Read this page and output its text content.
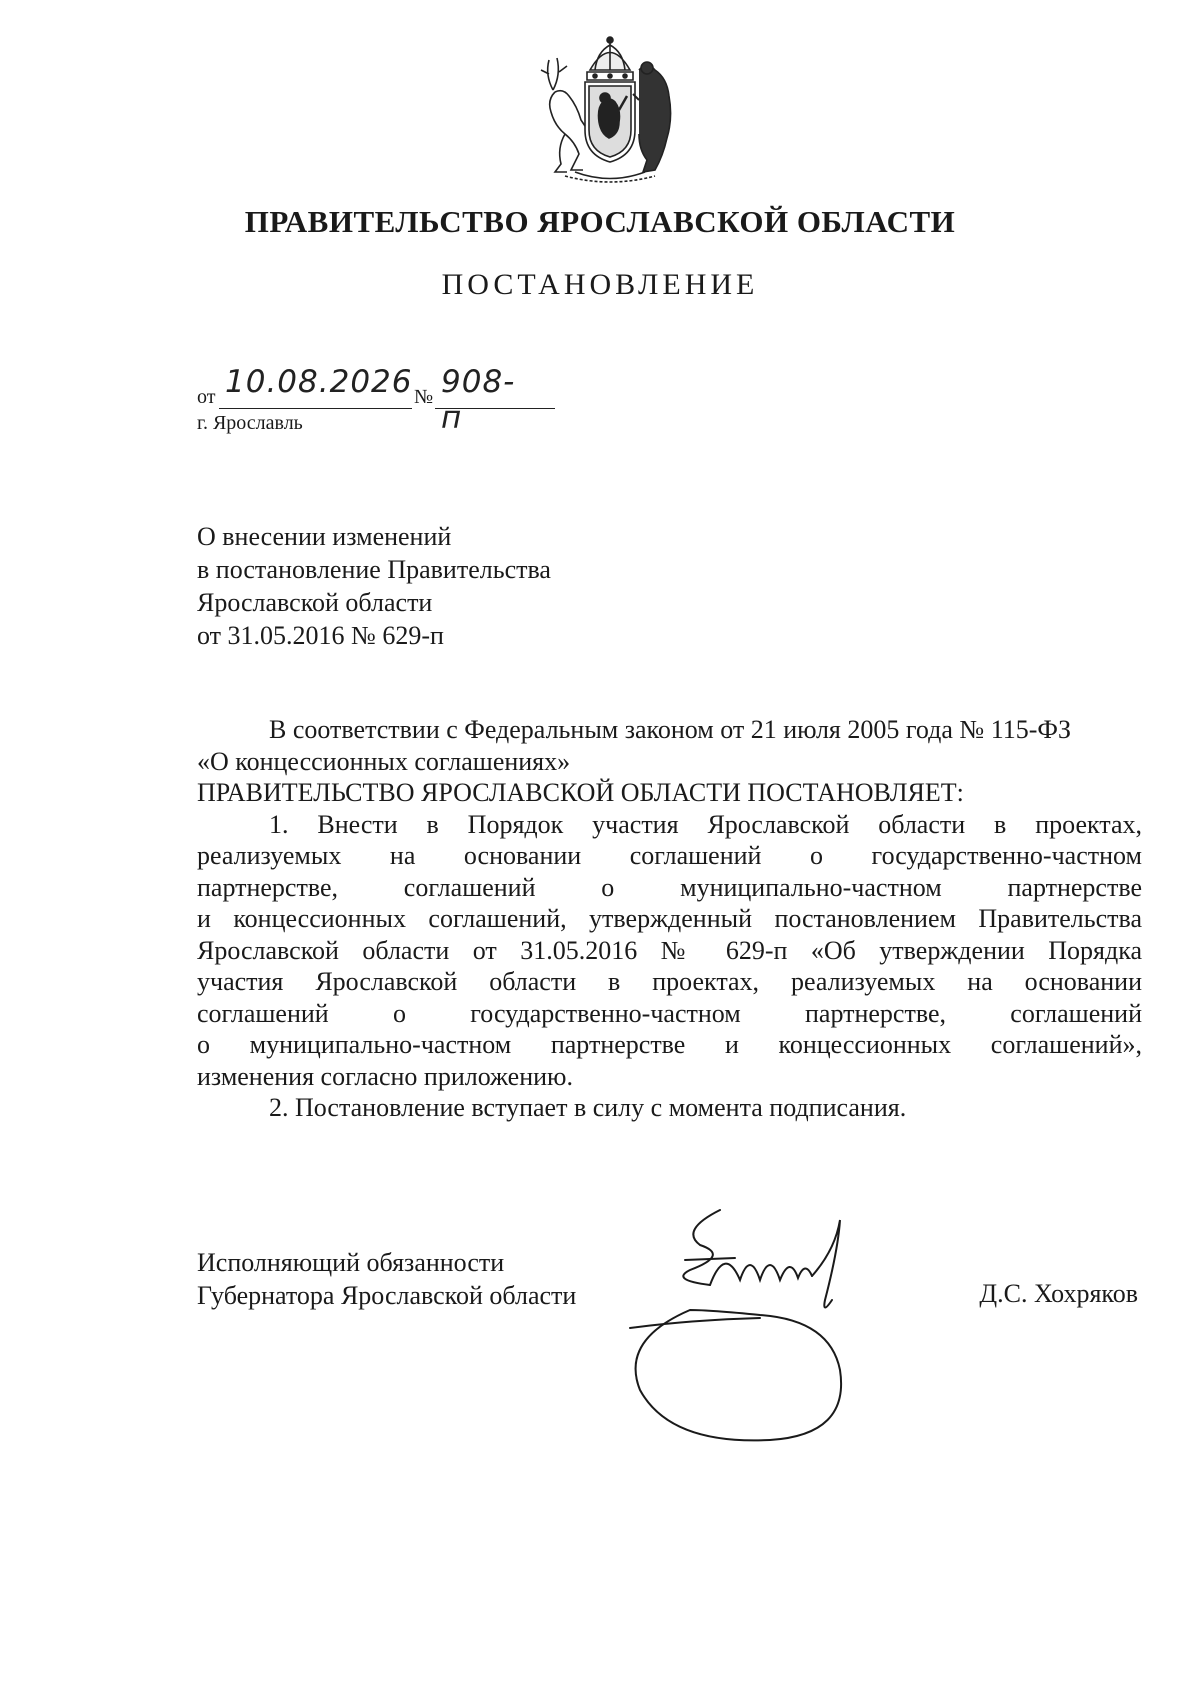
ПРАВИТЕЛЬСТВО ЯРОСЛАВСКОЙ ОБЛАСТИ
ПОСТАНОВЛЕНИЕ
от 10.08.2026 № 908-п
г. Ярославль
О внесении изменений
в постановление Правительства
Ярославской области
от 31.05.2016 № 629-п
В соответствии с Федеральным законом от 21 июля 2005 года № 115-ФЗ
«О концессионных соглашениях»
ПРАВИТЕЛЬСТВО ЯРОСЛАВСКОЙ ОБЛАСТИ ПОСТАНОВЛЯЕТ:
1. Внести в Порядок участия Ярославской области в проектах,
реализуемых на основании соглашений о государственно-частном
партнерстве, соглашений о муниципально-частном партнерстве
и концессионных соглашений, утвержденный постановлением Правительства
Ярославской области от 31.05.2016 № 629-п «Об утверждении Порядка
участия Ярославской области в проектах, реализуемых на основании
соглашений о государственно-частном партнерстве, соглашений
о муниципально-частном партнерстве и концессионных соглашений»,
изменения согласно приложению.
2. Постановление вступает в силу с момента подписания.
Исполняющий обязанности
Губернатора Ярославской области	Д.С. Хохряков
